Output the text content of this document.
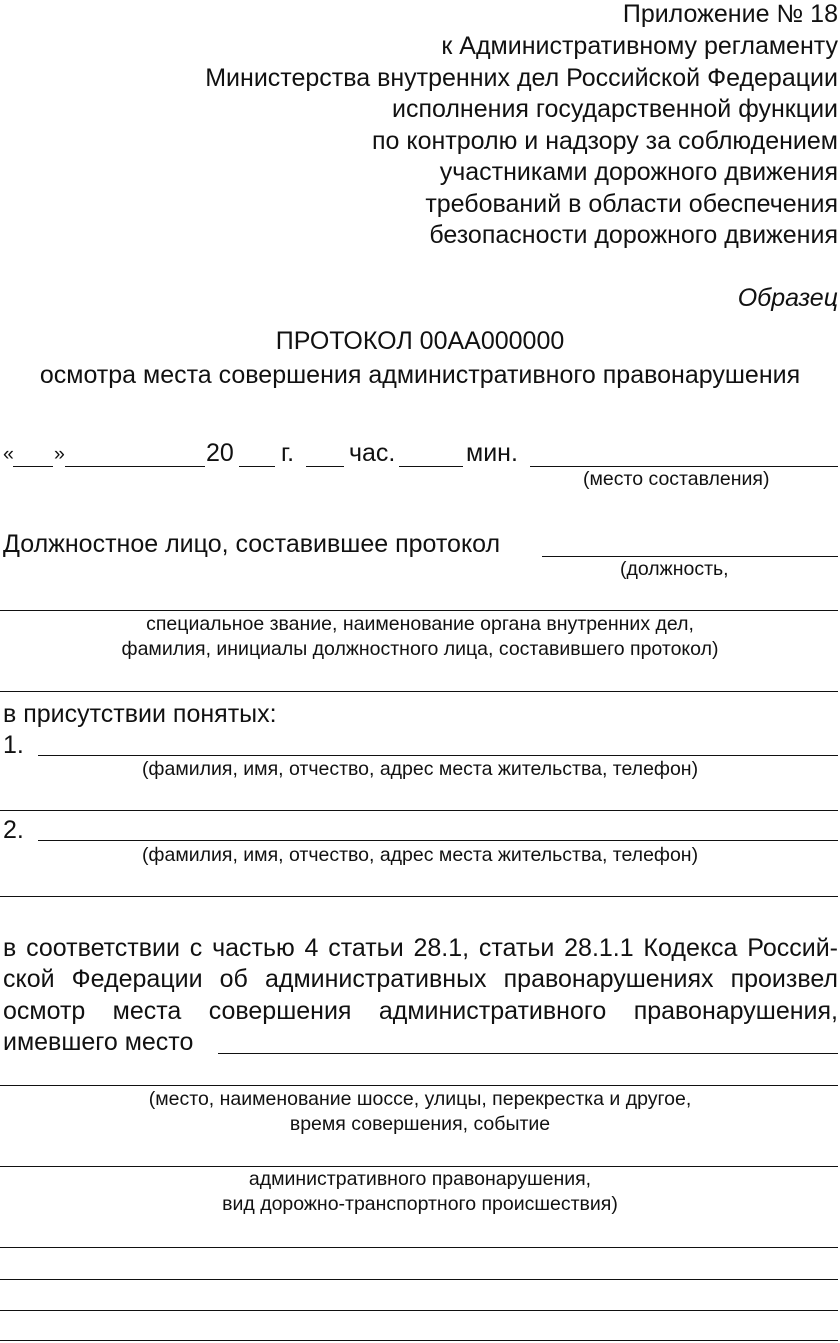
Приложение № 18
к Административному регламенту
Министерства внутренних дел Российской Федерации
исполнения государственной функции
по контролю и надзору за соблюдением
участниками дорожного движения
требований в области обеспечения
безопасности дорожного движения
Образец
ПРОТОКОЛ 00АА000000
осмотра места совершения административного правонарушения
« »	20 г. час.	мин.
(место составления)
Должностное лицо, составившее протокол
(должность,
специальное звание, наименование органа внутренних дел,
фамилия, инициалы должностного лица, составившего протокол)
в присутствии понятых:
1.
(фамилия, имя, отчество, адрес места жительства, телефон)
2.
(фамилия, имя, отчество, адрес места жительства, телефон)
в соответствии с частью 4 статьи 28.1, статьи 28.1.1 Кодекса Россий-
ской Федерации об административных правонарушениях произвел
осмотр места совершения административного правонарушения,
имевшего место
(место, наименование шоссе, улицы, перекрестка и другое,
время совершения, событие
административного правонарушения,
вид дорожно-транспортного происшествия)
